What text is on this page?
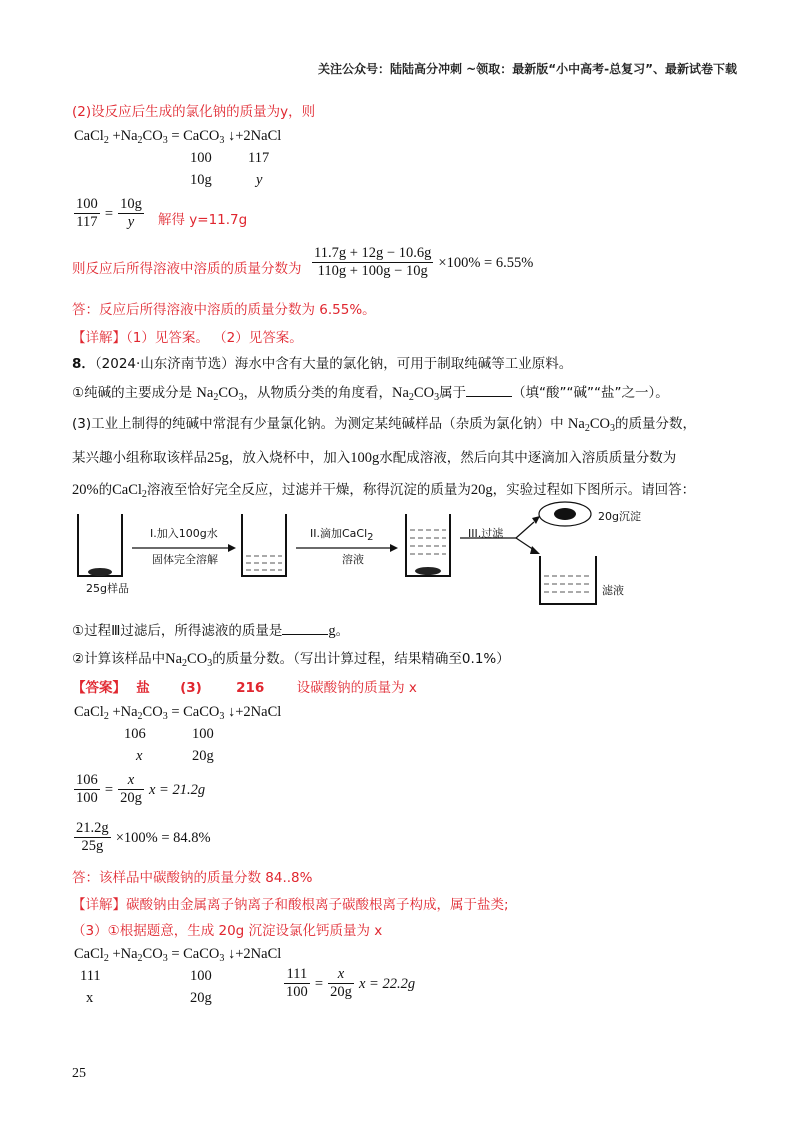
关注公众号：陆陆高分冲刺 ~领取：最新版“小中高考-总复习”、最新试卷下载
(2)设反应后生成的氯化钠的质量为y，则
CaCl$_2$ $+Na_2CO_3$ = CaCO$_3$ ↓+2NaCl
100	117
10g	y
$\frac{100}{117} = \frac{10g}{y}$ 解得 y=11.7g
则反应后所得溶液中溶质的质量分数为 $\frac{11.7g + 12g - 10.6g}{110g + 100g - 10g} \times 100\% = 6.55\%$
答：反应后所得溶液中溶质的质量分数为 6.55%。
【详解】（1）见答案。 （2）见答案。
8．（2024·山东济南节选）海水中含有大量的氯化钠，可用于制取纯碱等工业原料。
①纯碱的主要成分是 $Na_2CO_3$，从物质分类的角度看，$Na_2CO_3$属于	（填“酸”“碱”“盐”之一）。
(3)工业上制得的纯碱中常混有少量氯化钠。为测定某纯碱样品（杂质为氯化钠）中 $Na_2CO_3$的质量分数，
某兴趣小组称取该样品25g，放入烧杯中，加入100g水配成溶液，然后向其中逐滴加入溶质质量分数为
20%的CaCl$_2$溶液至恰好完全反应，过滤并干燥，称得沉淀的质量为20g，实验过程如下图所示。请回答：
I.加入100g水
固体完全溶解
II.滴加CaCl2
溶液
III.过滤
25g样品
20g沉淀
滤液
①过程Ⅲ过滤后，所得滤液的质量是	g。
②计算该样品中$Na_2CO_3$的质量分数。（写出计算过程，结果精确至0.1%）
【答案】 盐 (3)	216 设碳酸钠的质量为 x
CaCl$_2$ $+Na_2CO_3$ = CaCO$_3$ ↓+2NaCl
106	100
x	20g
$\frac{106}{100} = \frac{x}{20g}$ x = 21.2g
$\frac{21.2g}{25g} \times 100\% = 84.8\%$
答：该样品中碳酸钠的质量分数 84..8%
【详解】碳酸钠由金属离子钠离子和酸根离子碳酸根离子构成，属于盐类;
（3）①根据题意，生成 20g 沉淀设氯化钙质量为 x
CaCl$_2$ $+Na_2CO_3$ = CaCO$_3$ ↓+2NaCl
111	100
x	20g	$\frac{111}{100} = \frac{x}{20g}$ x = 22.2g
25
